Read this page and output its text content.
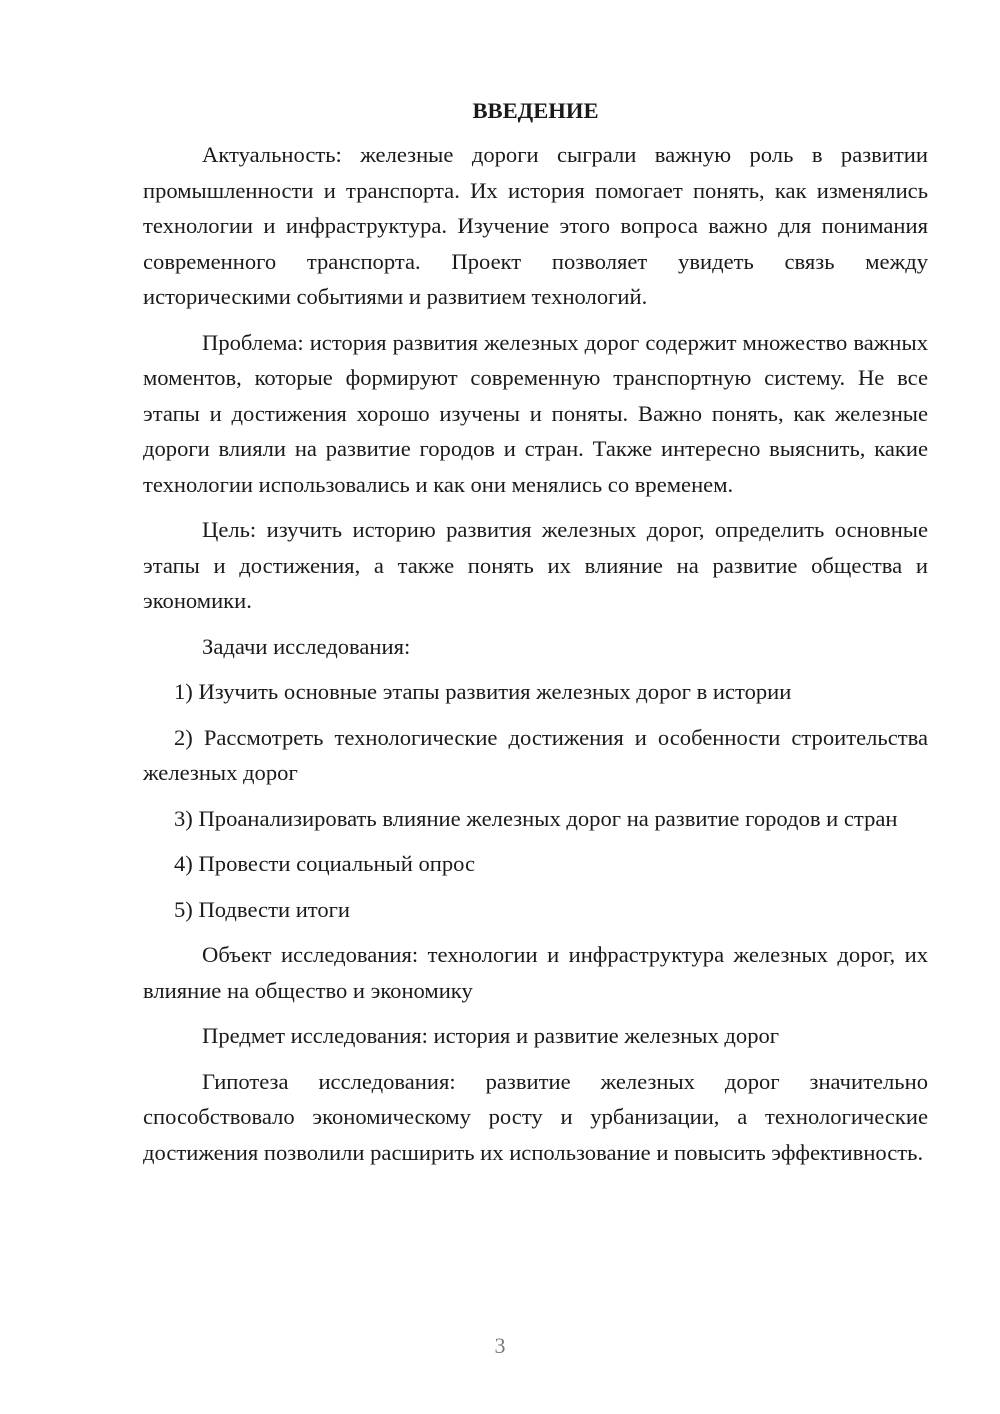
ВВЕДЕНИЕ

Актуальность: железные дороги сыграли важную роль в развитии промышленности и транспорта. Их история помогает понять, как изменялись технологии и инфраструктура. Изучение этого вопроса важно для понимания современного транспорта. Проект позволяет увидеть связь между историческими событиями и развитием технологий.

Проблема: история развития железных дорог содержит множество важных моментов, которые формируют современную транспортную систему. Не все этапы и достижения хорошо изучены и поняты. Важно понять, как железные дороги влияли на развитие городов и стран. Также интересно выяснить, какие технологии использовались и как они менялись со временем.

Цель: изучить историю развития железных дорог, определить основные этапы и достижения, а также понять их влияние на развитие общества и экономики.

Задачи исследования:

1) Изучить основные этапы развития железных дорог в истории

2) Рассмотреть технологические достижения и особенности строительства железных дорог

3) Проанализировать влияние железных дорог на развитие городов и стран

4) Провести социальный опрос

5) Подвести итоги

Объект исследования: технологии и инфраструктура железных дорог, их влияние на общество и экономику

Предмет исследования: история и развитие железных дорог

Гипотеза исследования: развитие железных дорог значительно способствовало экономическому росту и урбанизации, а технологические достижения позволили расширить их использование и повысить эффективность.

3
